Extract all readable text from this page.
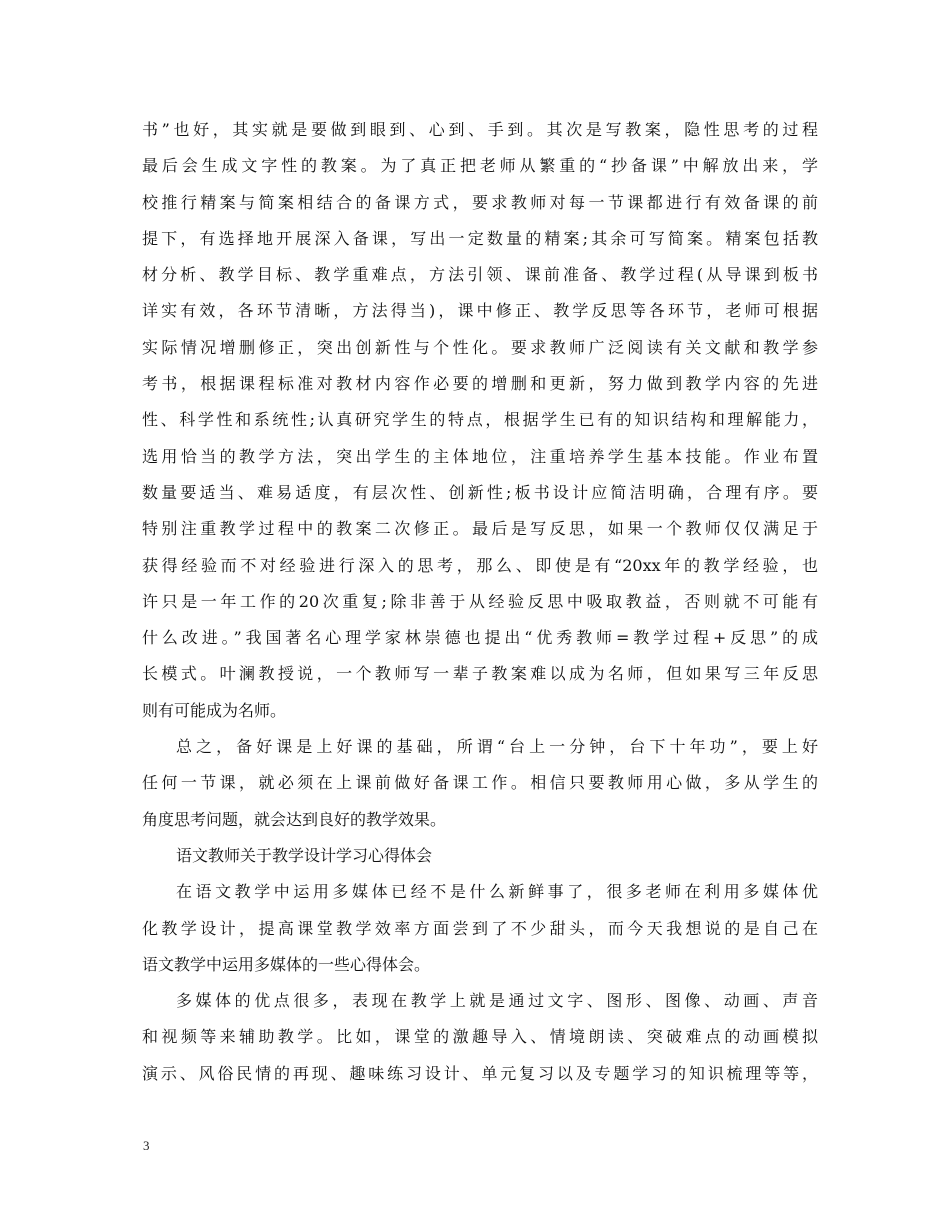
书”也好，其实就是要做到眼到、心到、手到。其次是写教案，隐性思考的过程
最后会生成文字性的教案。为了真正把老师从繁重的“抄备课”中解放出来，学
校推行精案与简案相结合的备课方式，要求教师对每一节课都进行有效备课的前
提下，有选择地开展深入备课，写出一定数量的精案;其余可写简案。精案包括教
材分析、教学目标、教学重难点，方法引领、课前准备、教学过程(从导课到板书
详实有效，各环节清晰，方法得当)，课中修正、教学反思等各环节，老师可根据
实际情况增删修正，突出创新性与个性化。要求教师广泛阅读有关文献和教学参
考书，根据课程标准对教材内容作必要的增删和更新，努力做到教学内容的先进
性、科学性和系统性;认真研究学生的特点，根据学生已有的知识结构和理解能力，
选用恰当的教学方法，突出学生的主体地位，注重培养学生基本技能。作业布置
数量要适当、难易适度，有层次性、创新性;板书设计应简洁明确，合理有序。要
特别注重教学过程中的教案二次修正。最后是写反思，如果一个教师仅仅满足于
获得经验而不对经验进行深入的思考，那么、即使是有“20xx年的教学经验，也
许只是一年工作的20次重复;除非善于从经验反思中吸取教益，否则就不可能有
什么改进。”我国著名心理学家林崇德也提出“优秀教师=教学过程+反思”的成
长模式。叶澜教授说，一个教师写一辈子教案难以成为名师，但如果写三年反思
则有可能成为名师。
总之，备好课是上好课的基础，所谓“台上一分钟，台下十年功”，要上好
任何一节课，就必须在上课前做好备课工作。相信只要教师用心做，多从学生的
角度思考问题，就会达到良好的教学效果。
语文教师关于教学设计学习心得体会
在语文教学中运用多媒体已经不是什么新鲜事了，很多老师在利用多媒体优
化教学设计，提高课堂教学效率方面尝到了不少甜头，而今天我想说的是自己在
语文教学中运用多媒体的一些心得体会。
多媒体的优点很多，表现在教学上就是通过文字、图形、图像、动画、声音
和视频等来辅助教学。比如，课堂的激趣导入、情境朗读、突破难点的动画模拟
演示、风俗民情的再现、趣味练习设计、单元复习以及专题学习的知识梳理等等，
3
